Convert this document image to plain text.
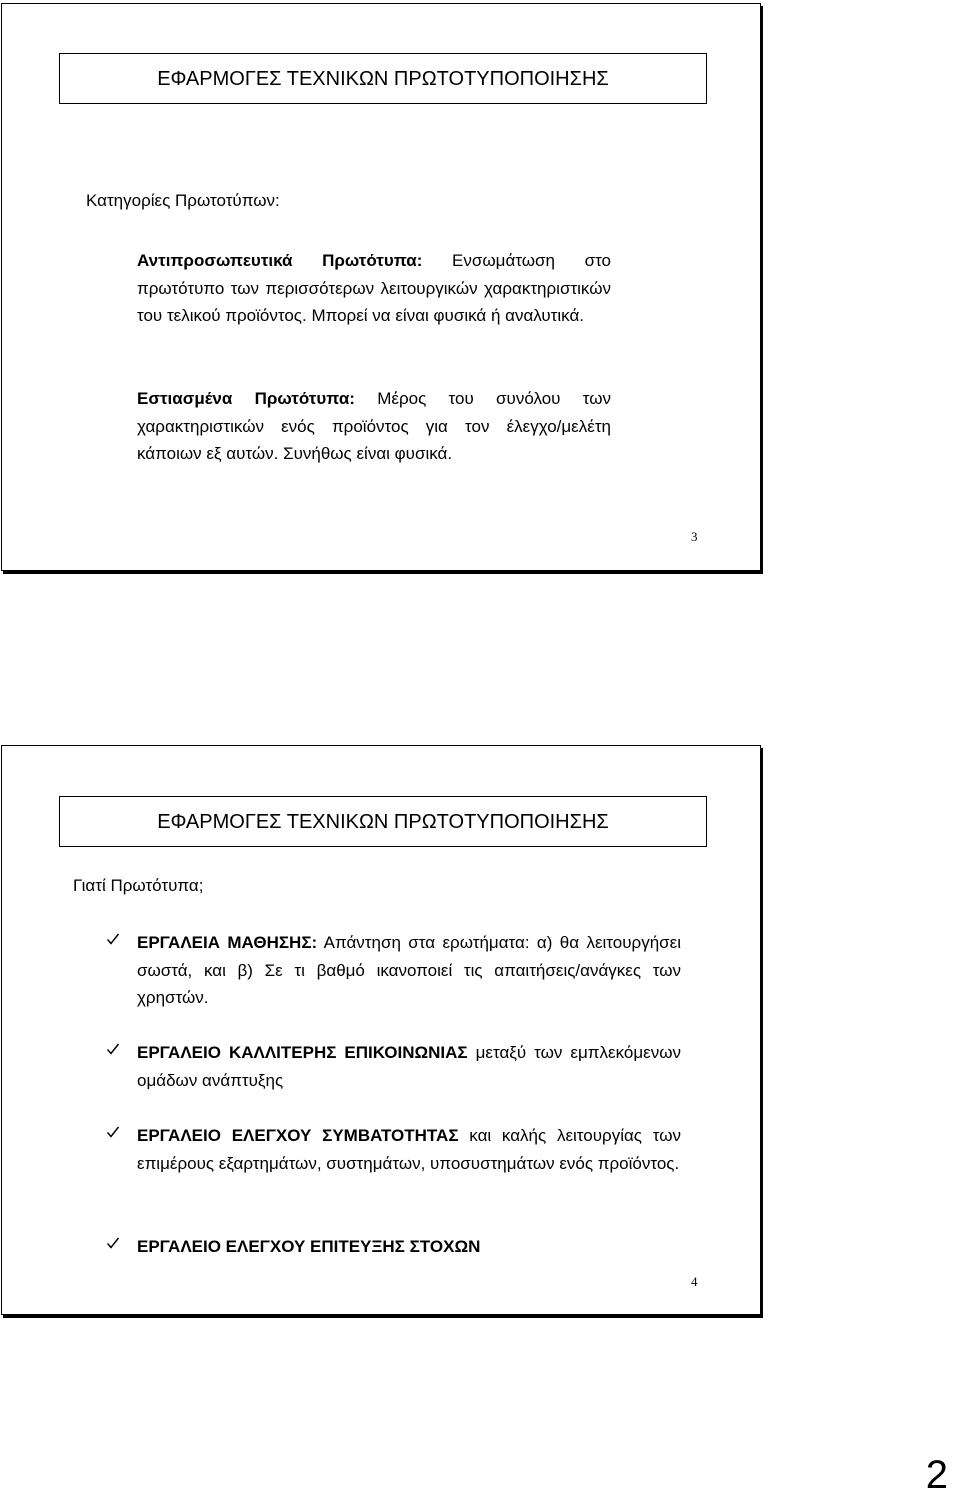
ΕΦΑΡΜΟΓΕΣ ΤΕΧΝΙΚΩΝ ΠΡΩΤΟΤΥΠΟΠΟΙΗΣΗΣ
Κατηγορίες Πρωτοτύπων:
Αντιπροσωπευτικά Πρωτότυπα: Ενσωμάτωση στο πρωτότυπο των περισσότερων λειτουργικών χαρακτηριστικών του τελικού προϊόντος. Μπορεί να είναι φυσικά ή αναλυτικά.
Εστιασμένα Πρωτότυπα: Μέρος του συνόλου των χαρακτηριστικών ενός προϊόντος για τον έλεγχο/μελέτη κάποιων εξ αυτών. Συνήθως είναι φυσικά.
3
ΕΦΑΡΜΟΓΕΣ ΤΕΧΝΙΚΩΝ ΠΡΩΤΟΤΥΠΟΠΟΙΗΣΗΣ
Γιατί Πρωτότυπα;
ΕΡΓΑΛΕΙΑ ΜΑΘΗΣΗΣ: Απάντηση στα ερωτήματα: α) θα λειτουργήσει σωστά, και β) Σε τι βαθμό ικανοποιεί τις απαιτήσεις/ανάγκες των χρηστών.
ΕΡΓΑΛΕΙΟ ΚΑΛΛΙΤΕΡΗΣ ΕΠΙΚΟΙΝΩΝΙΑΣ μεταξύ των εμπλεκόμενων ομάδων ανάπτυξης
ΕΡΓΑΛΕΙΟ ΕΛΕΓΧΟΥ ΣΥΜΒΑΤΟΤΗΤΑΣ και καλής λειτουργίας των επιμέρους εξαρτημάτων, συστημάτων, υποσυστημάτων ενός προϊόντος.
ΕΡΓΑΛΕΙΟ ΕΛΕΓΧΟΥ ΕΠΙΤΕΥΞΗΣ ΣΤΟΧΩΝ
4
2
